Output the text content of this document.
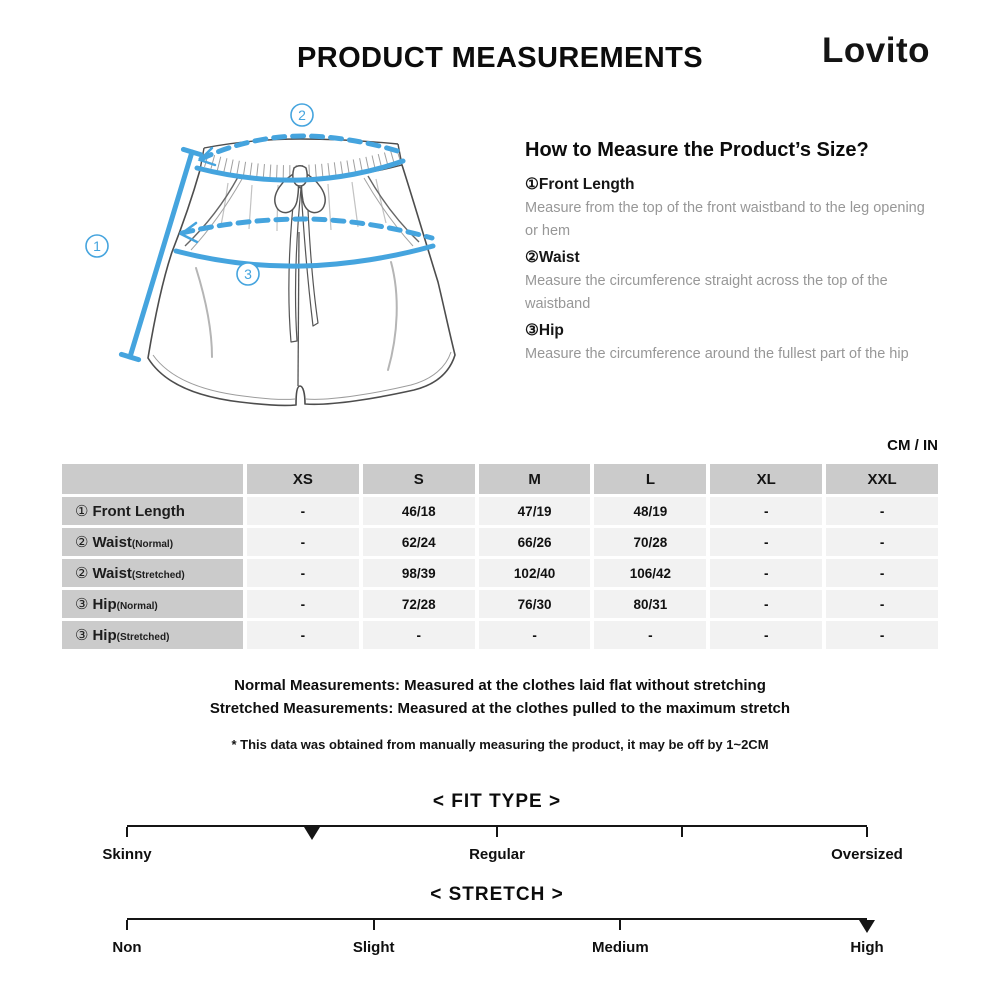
PRODUCT MEASUREMENTS	Lovito
2
1
3
How to Measure the Product’s Size?
①Front Length

Measure from the top of the front waistband to the leg opening or hem

②Waist

Measure the circumference straight across the top of the waistband

③Hip

Measure the circumference around the fullest part of the hip

CM / IN
	XS	S	M	L	XL	XXL
① Front Length	-	46/18	47/19	48/19	-	-
② Waist(Normal)	-	62/24	66/26	70/28	-	-
② Waist(Stretched)	-	98/39	102/40	106/42	-	-
③ Hip(Normal)	-	72/28	76/30	80/31	-	-
③ Hip(Stretched)	-	-	-	-	-	-
Normal Measurements: Measured at the clothes laid flat without stretching
Stretched Measurements: Measured at the clothes pulled to the maximum stretch
* This data was obtained from manually measuring the product, it may be off by 1~2CM
< FIT TYPE >
Skinny	Regular	Oversized
< STRETCH >
Non	Slight	Medium	High
